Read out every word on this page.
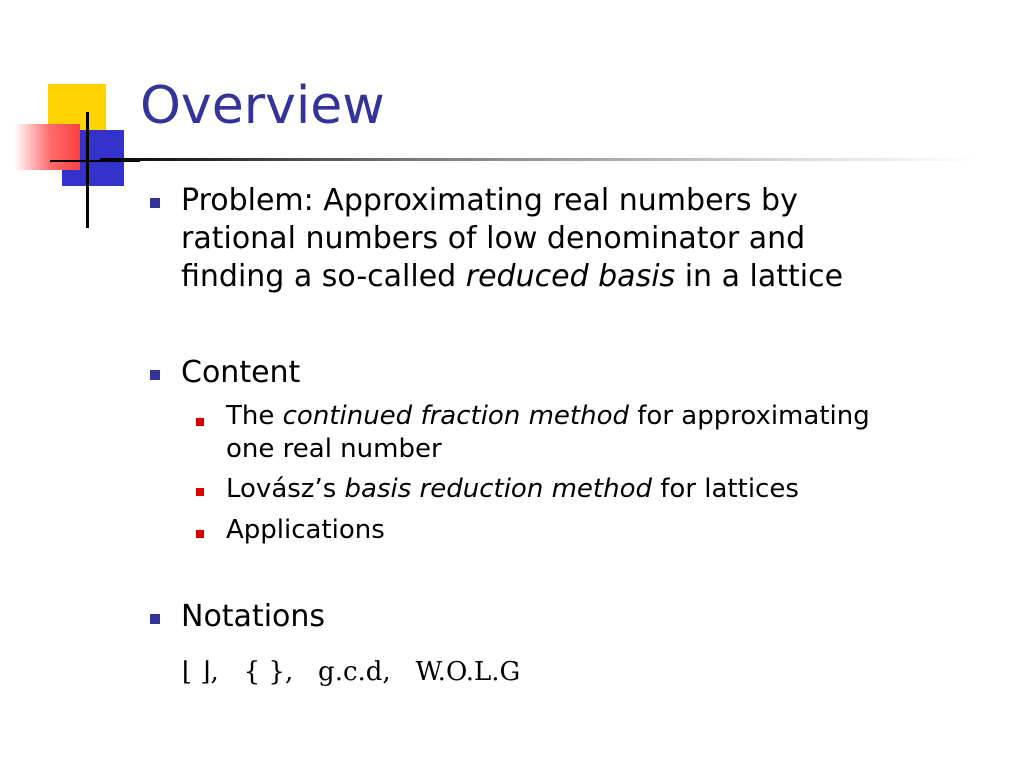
Overview
Problem: Approximating real numbers by
rational numbers of low denominator and
finding a so-called reduced basis in a lattice
Content
The continued fraction method for approximating
one real number
Lovász’s basis reduction method for lattices
Applications
Notations
⌊ ⌋, { }, g.c.d, W.O.L.G
